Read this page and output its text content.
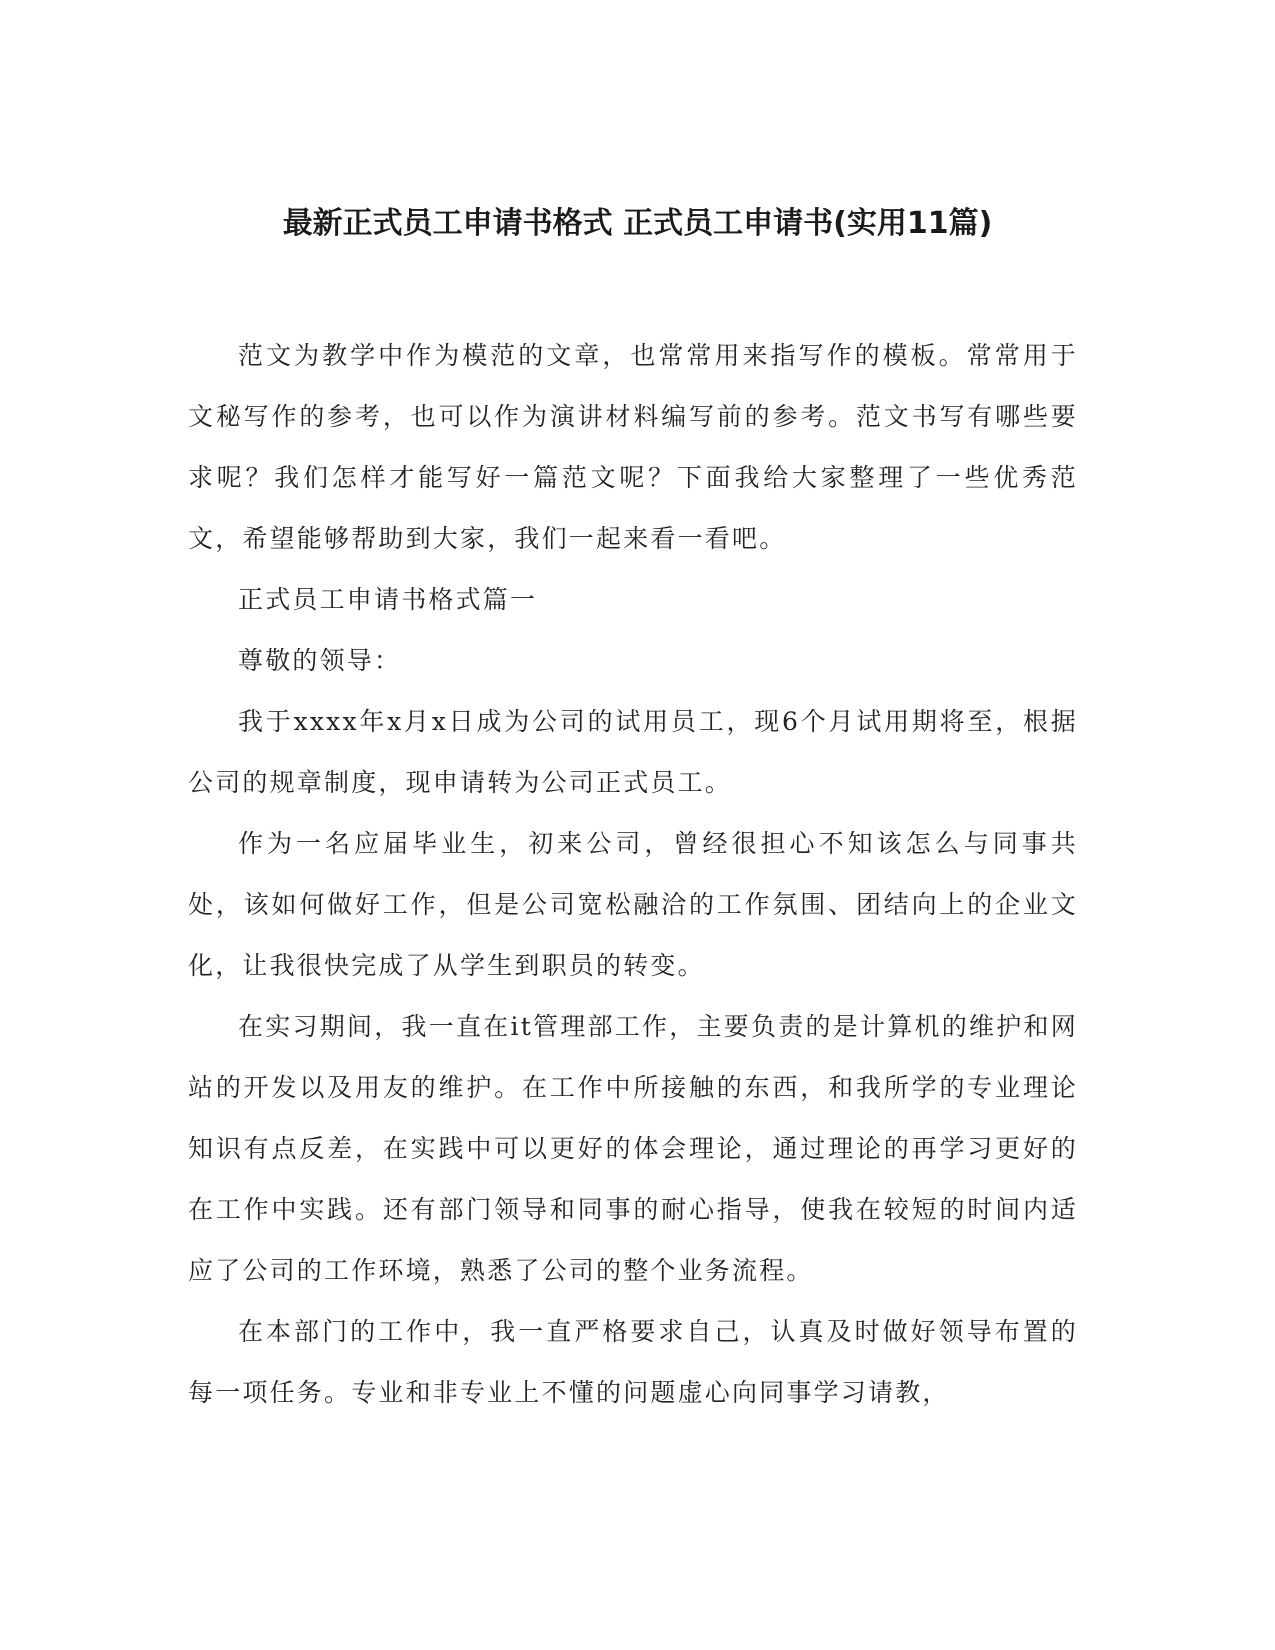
最新正式员工申请书格式 正式员工申请书(实用11篇)

范文为教学中作为模范的文章，也常常用来指写作的模板。常常用于文秘写作的参考，也可以作为演讲材料编写前的参考。范文书写有哪些要求呢？我们怎样才能写好一篇范文呢？下面我给大家整理了一些优秀范文，希望能够帮助到大家，我们一起来看一看吧。

正式员工申请书格式篇一

尊敬的领导：

我于xxxx年x月x日成为公司的试用员工，现6个月试用期将至，根据公司的规章制度，现申请转为公司正式员工。

作为一名应届毕业生，初来公司，曾经很担心不知该怎么与同事共处，该如何做好工作，但是公司宽松融洽的工作氛围、团结向上的企业文化，让我很快完成了从学生到职员的转变。

在实习期间，我一直在it管理部工作，主要负责的是计算机的维护和网站的开发以及用友的维护。在工作中所接触的东西，和我所学的专业理论知识有点反差，在实践中可以更好的体会理论，通过理论的再学习更好的在工作中实践。还有部门领导和同事的耐心指导，使我在较短的时间内适应了公司的工作环境，熟悉了公司的整个业务流程。

在本部门的工作中，我一直严格要求自己，认真及时做好领导布置的每一项任务。专业和非专业上不懂的问题虚心向同事学习请教，
